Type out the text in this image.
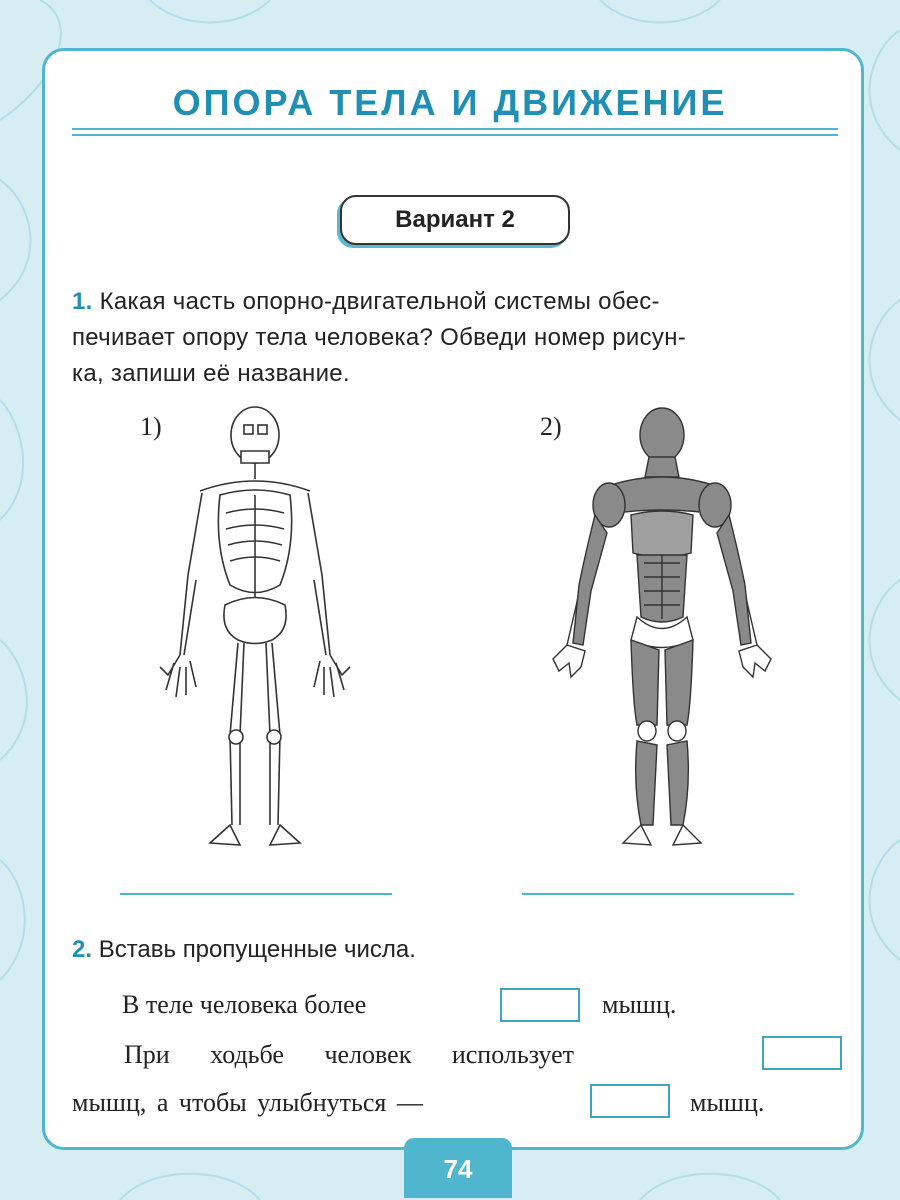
ОПОРА ТЕЛА И ДВИЖЕНИЕ
Вариант 2
1. Какая часть опорно-двигательной системы обес-
печивает опору тела человека? Обведи номер рисун-
ка, запиши её название.
1)	2)
2. Вставь пропущенные числа.
В теле человека более	мышц.
При ходьбе человек использует
мышц, а чтобы улыбнуться —	мышц.
74
